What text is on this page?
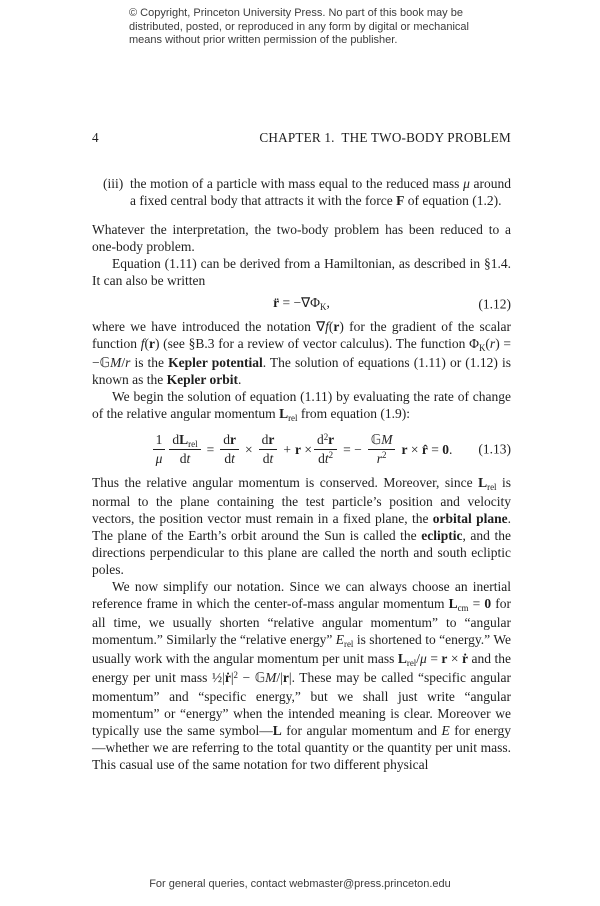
© Copyright, Princeton University Press. No part of this book may be
distributed, posted, or reproduced in any form by digital or mechanical
means without prior written permission of the publisher.
4	CHAPTER 1.  THE TWO-BODY PROBLEM
(iii) the motion of a particle with mass equal to the reduced mass μ around a fixed central body that attracts it with the force F of equation (1.2).

Whatever the interpretation, the two-body problem has been reduced to a one-body problem.

Equation (1.11) can be derived from a Hamiltonian, as described in §1.4. It can also be written

r̈ = −∇ΦK,	(1.12)

where we have introduced the notation ∇f(r) for the gradient of the scalar function f(r) (see §B.3 for a review of vector calculus). The function ΦK(r) = −𝔾M/r is the Kepler potential. The solution of equations (1.11) or (1.12) is known as the Kepler orbit.

We begin the solution of equation (1.11) by evaluating the rate of change of the relative angular momentum Lrel from equation (1.9):

$\frac{1}{\mu} \frac{\text{dLrel}}{dt} = \frac{dr}{dt} \times \frac{dr}{dt} + r \times \frac{d^2r}{dt^2}$ = − $\frac{\text{𝔾M}}{r^2}$ r × r̂ = 0. (1.13)

Thus the relative angular momentum is conserved. Moreover, since Lrel is normal to the plane containing the test particle’s position and velocity vectors, the position vector must remain in a fixed plane, the orbital plane. The plane of the Earth’s orbit around the Sun is called the ecliptic, and the directions perpendicular to this plane are called the north and south ecliptic poles.

We now simplify our notation. Since we can always choose an inertial reference frame in which the center-of-mass angular momentum Lcm = 0 for all time, we usually shorten “relative angular momentum” to “angular momentum.” Similarly the “relative energy” Erel is shortened to “energy.” We usually work with the angular momentum per unit mass Lrel/μ = r × ṙ and the energy per unit mass $\frac{1}{2}|ṙ|^2$ − 𝔾M/|r|. These may be called “specific angular momentum” and “specific energy,” but we shall just write “angular momentum” or “energy” when the intended meaning is clear. Moreover we typically use the same symbol—L for angular momentum and E for energy—whether we are referring to the total quantity or the quantity per unit mass. This casual use of the same notation for two different physical

For general queries, contact webmaster@press.princeton.edu
